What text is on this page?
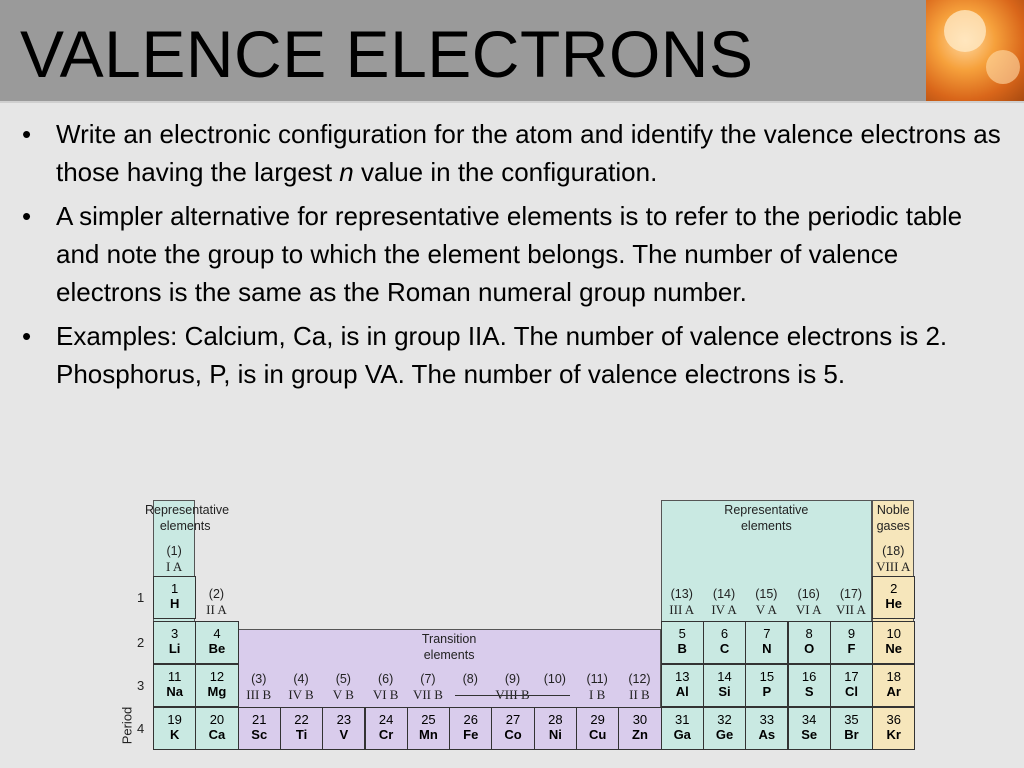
VALENCE ELECTRONS
• Write an electronic configuration for the atom and identify the valence electrons as those having the largest n value in the configuration.
• A simpler alternative for representative elements is to refer to the periodic table and note the group to which the element belongs. The number of valence electrons is the same as the Roman numeral group number.
• Examples: Calcium, Ca, is in group IIA. The number of valence electrons is 2. Phosphorus, P, is in group VA. The number of valence electrons is 5.
Representative elements
Representative elements
Noble gases
Transition elements
(1)
I A
(2)
II A
(3)
III B
(4)
IV B
(5)
V B
(6)
VI B
(7)
VII B
(8)	(9)
VIII B
(10)	(11)
I B
(12)
II B
(13)
III A
(14)
IV A
(15)
V A
(16)
VI A
(17)
VII A
(18)
VIII A
1
H
2
He
3
Li
4
Be
5
B
6
C
7
N
8
O
9
F
10
Ne
11
Na
12
Mg
13
Al
14
Si
15
P
16
S
17
Cl
18
Ar
19
K
20
Ca
21
Sc
22
Ti
23
V
24
Cr
25
Mn
26
Fe
27
Co
28
Ni
29
Cu
30
Zn
31
Ga
32
Ge
33
As
34
Se
35
Br
36
Kr
1
2
3
4
Period
